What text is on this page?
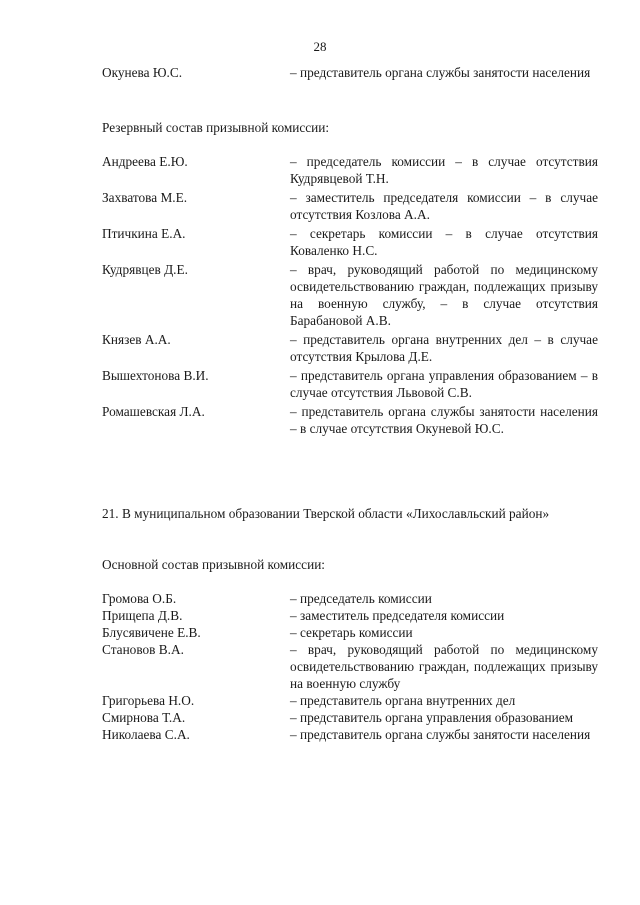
28
Окунева Ю.С.	– представитель органа службы занятости населения
Резервный состав призывной комиссии:
Андреева Е.Ю.	– председатель комиссии – в случае отсутствия Кудрявцевой Т.Н.
Захватова М.Е.	– заместитель председателя комиссии – в случае отсутствия Козлова А.А.
Птичкина Е.А.	– секретарь комиссии – в случае отсутствия Коваленко Н.С.
Кудрявцев Д.Е.	– врач, руководящий работой по медицинскому освидетельствованию граждан, подлежащих призыву на военную службу, – в случае отсутствия Барабановой А.В.
Князев А.А.	– представитель органа внутренних дел – в случае отсутствия Крылова Д.Е.
Вышехтонова В.И.	– представитель органа управления образованием – в случае отсутствия Львовой С.В.
Ромашевская Л.А.	– представитель органа службы занятости населения – в случае отсутствия Окуневой Ю.С.
21. В муниципальном образовании Тверской области «Лихославльский район»
Основной состав призывной комиссии:
Громова О.Б.	– председатель комиссии
Прищепа Д.В.	– заместитель председателя комиссии
Блусявичене Е.В.	– секретарь комиссии
Становов В.А.	– врач, руководящий работой по медицинскому освидетельствованию граждан, подлежащих призыву на военную службу
Григорьева Н.О.	– представитель органа внутренних дел
Смирнова Т.А.	– представитель органа управления образованием
Николаева С.А.	– представитель органа службы занятости населения
